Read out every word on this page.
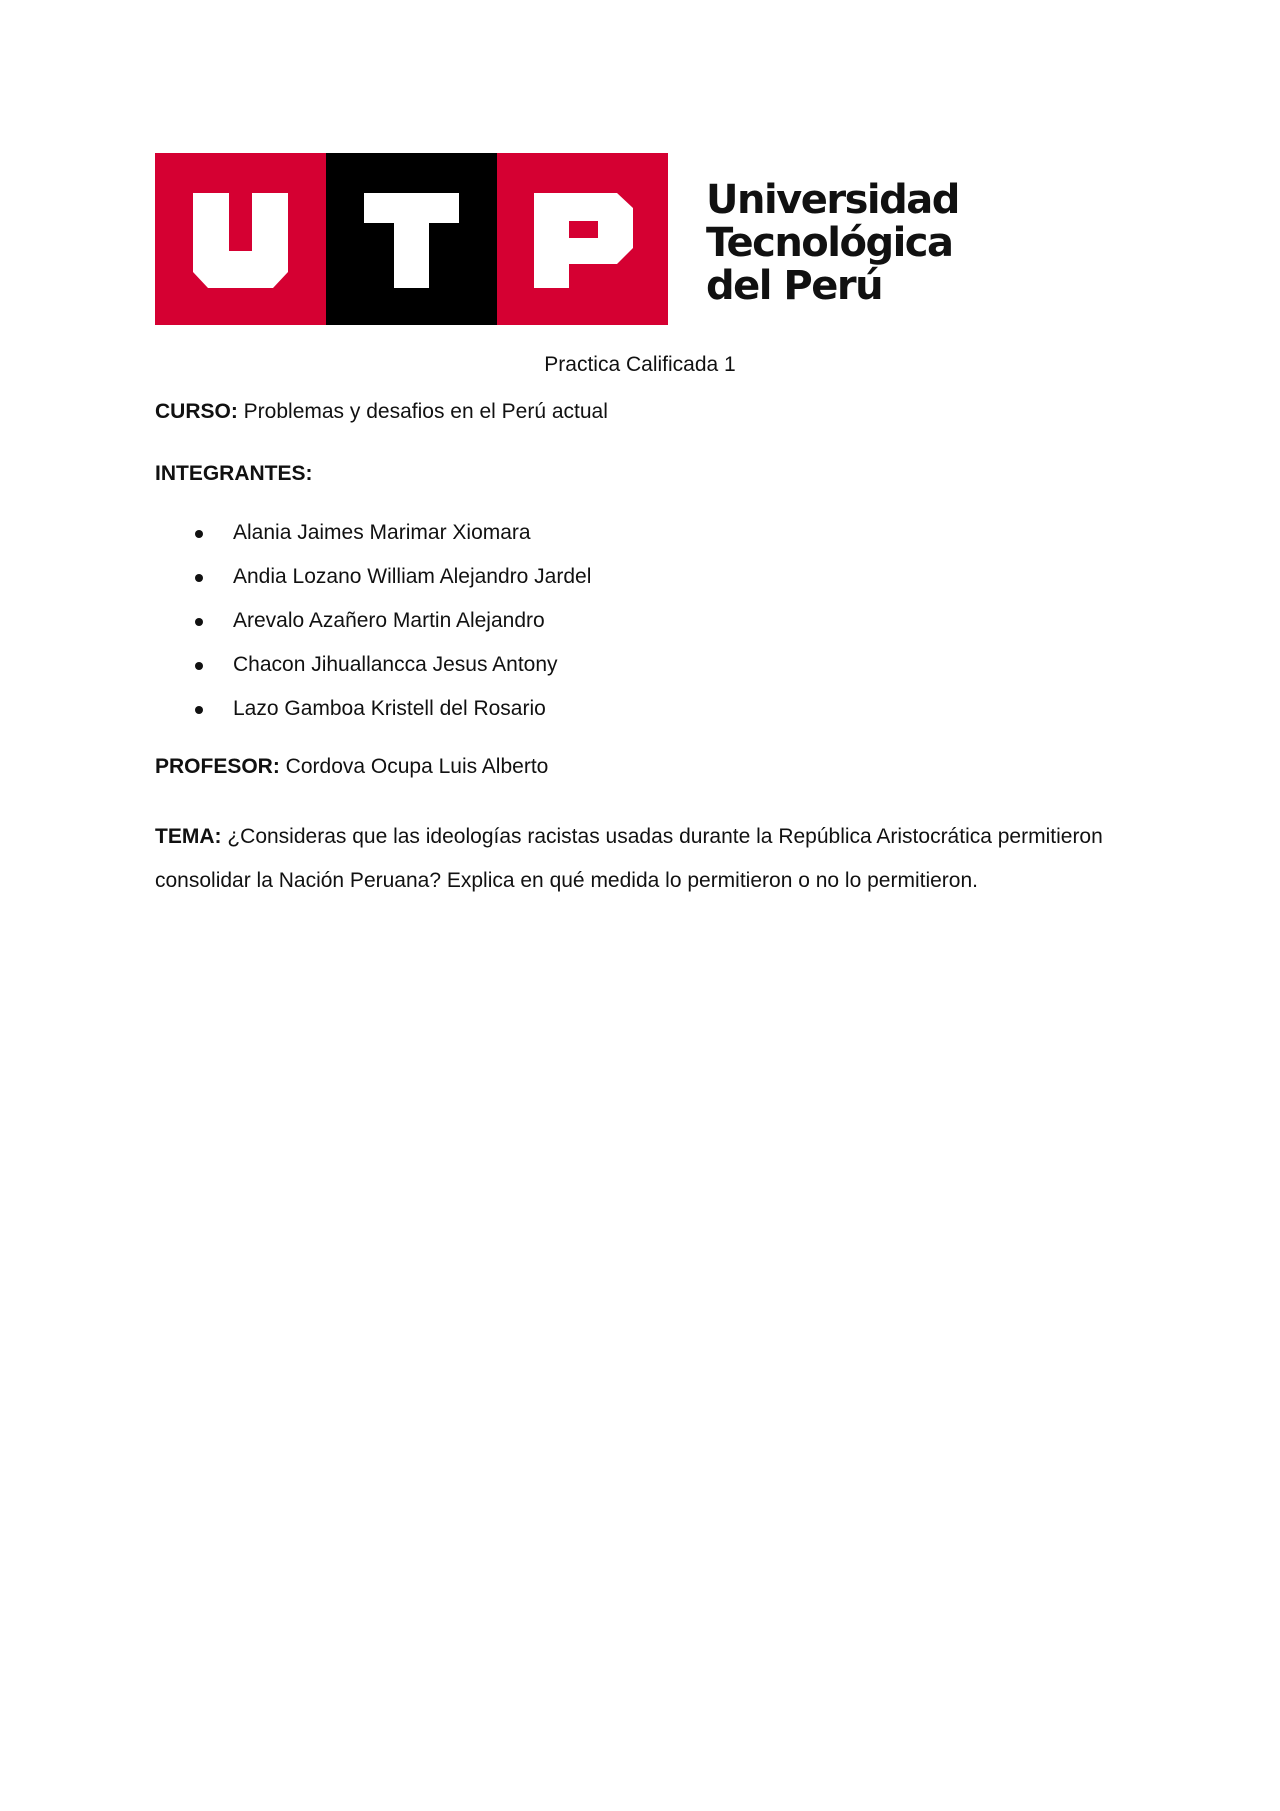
Universidad
Tecnológica
del Perú
Practica Calificada 1
CURSO: Problemas y desafios en el Perú actual
INTEGRANTES:
Alania Jaimes Marimar Xiomara
Andia Lozano William Alejandro Jardel
Arevalo Azañero Martin Alejandro
Chacon Jihuallancca Jesus Antony
Lazo Gamboa Kristell del Rosario
PROFESOR: Cordova Ocupa Luis Alberto
TEMA: ¿Consideras que las ideologías racistas usadas durante la República Aristocrática permitieron consolidar la Nación Peruana? Explica en qué medida lo permitieron o no lo permitieron.
